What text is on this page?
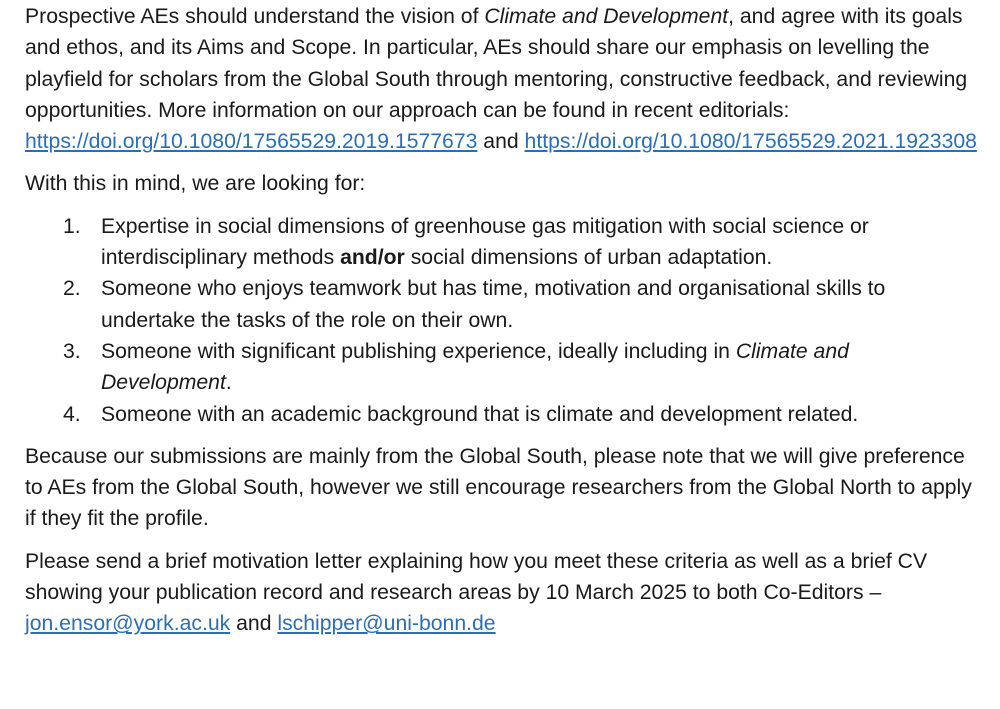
Prospective AEs should understand the vision of Climate and Development, and agree with its goals and ethos, and its Aims and Scope. In particular, AEs should share our emphasis on levelling the playfield for scholars from the Global South through mentoring, constructive feedback, and reviewing opportunities. More information on our approach can be found in recent editorials: https://doi.org/10.1080/17565529.2019.1577673 and https://doi.org/10.1080/17565529.2021.1923308

With this in mind, we are looking for:

1. Expertise in social dimensions of greenhouse gas mitigation with social science or interdisciplinary methods and/or social dimensions of urban adaptation.
2. Someone who enjoys teamwork but has time, motivation and organisational skills to undertake the tasks of the role on their own.
3. Someone with significant publishing experience, ideally including in Climate and Development.
4. Someone with an academic background that is climate and development related.

Because our submissions are mainly from the Global South, please note that we will give preference to AEs from the Global South, however we still encourage researchers from the Global North to apply if they fit the profile.

Please send a brief motivation letter explaining how you meet these criteria as well as a brief CV showing your publication record and research areas by 10 March 2025 to both Co-Editors – jon.ensor@york.ac.uk and lschipper@uni-bonn.de
